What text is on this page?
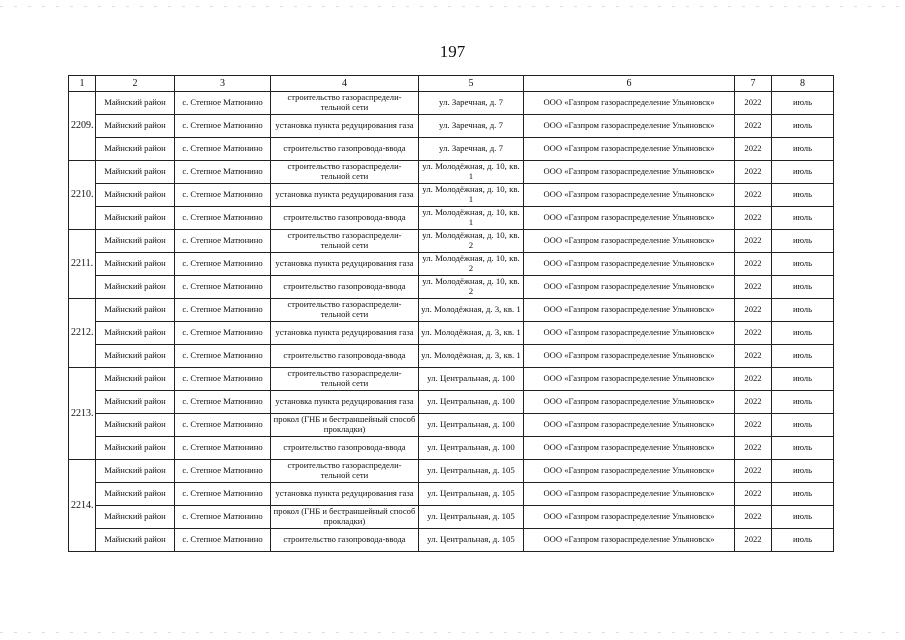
197
1	2	3	4	5	6	7	8
2209.	Майнский район	с. Степное Матюнино	строительство газораспредели-тельной сети	ул. Заречная, д. 7	ООО «Газпром газораспределение Ульяновск»	2022	июль
	Майнский район	с. Степное Матюнино	установка пункта редуцирования газа	ул. Заречная, д. 7	ООО «Газпром газораспределение Ульяновск»	2022	июль
	Майнский район	с. Степное Матюнино	строительство газопровода-ввода	ул. Заречная, д. 7	ООО «Газпром газораспределение Ульяновск»	2022	июль
2210.	Майнский район	с. Степное Матюнино	строительство газораспредели-тельной сети	ул. Молодёжная, д. 10, кв. 1	ООО «Газпром газораспределение Ульяновск»	2022	июль
	Майнский район	с. Степное Матюнино	установка пункта редуцирования газа	ул. Молодёжная, д. 10, кв. 1	ООО «Газпром газораспределение Ульяновск»	2022	июль
	Майнский район	с. Степное Матюнино	строительство газопровода-ввода	ул. Молодёжная, д. 10, кв. 1	ООО «Газпром газораспределение Ульяновск»	2022	июль
2211.	Майнский район	с. Степное Матюнино	строительство газораспредели-тельной сети	ул. Молодёжная, д. 10, кв. 2	ООО «Газпром газораспределение Ульяновск»	2022	июль
	Майнский район	с. Степное Матюнино	установка пункта редуцирования газа	ул. Молодёжная, д. 10, кв. 2	ООО «Газпром газораспределение Ульяновск»	2022	июль
	Майнский район	с. Степное Матюнино	строительство газопровода-ввода	ул. Молодёжная, д. 10, кв. 2	ООО «Газпром газораспределение Ульяновск»	2022	июль
2212.	Майнский район	с. Степное Матюнино	строительство газораспредели-тельной сети	ул. Молодёжная, д. 3, кв. 1	ООО «Газпром газораспределение Ульяновск»	2022	июль
	Майнский район	с. Степное Матюнино	установка пункта редуцирования газа	ул. Молодёжная, д. 3, кв. 1	ООО «Газпром газораспределение Ульяновск»	2022	июль
	Майнский район	с. Степное Матюнино	строительство газопровода-ввода	ул. Молодёжная, д. 3, кв. 1	ООО «Газпром газораспределение Ульяновск»	2022	июль
2213.	Майнский район	с. Степное Матюнино	строительство газораспредели-тельной сети	ул. Центральная, д. 100	ООО «Газпром газораспределение Ульяновск»	2022	июль
	Майнский район	с. Степное Матюнино	установка пункта редуцирования газа	ул. Центральная, д. 100	ООО «Газпром газораспределение Ульяновск»	2022	июль
	Майнский район	с. Степное Матюнино	прокол (ГНБ и бестраншейный способ прокладки)	ул. Центральная, д. 100	ООО «Газпром газораспределение Ульяновск»	2022	июль
	Майнский район	с. Степное Матюнино	строительство газопровода-ввода	ул. Центральная, д. 100	ООО «Газпром газораспределение Ульяновск»	2022	июль
2214.	Майнский район	с. Степное Матюнино	строительство газораспредели-тельной сети	ул. Центральная, д. 105	ООО «Газпром газораспределение Ульяновск»	2022	июль
	Майнский район	с. Степное Матюнино	установка пункта редуцирования газа	ул. Центральная, д. 105	ООО «Газпром газораспределение Ульяновск»	2022	июль
	Майнский район	с. Степное Матюнино	прокол (ГНБ и бестраншейный способ прокладки)	ул. Центральная, д. 105	ООО «Газпром газораспределение Ульяновск»	2022	июль
	Майнский район	с. Степное Матюнино	строительство газопровода-ввода	ул. Центральная, д. 105	ООО «Газпром газораспределение Ульяновск»	2022	июль
